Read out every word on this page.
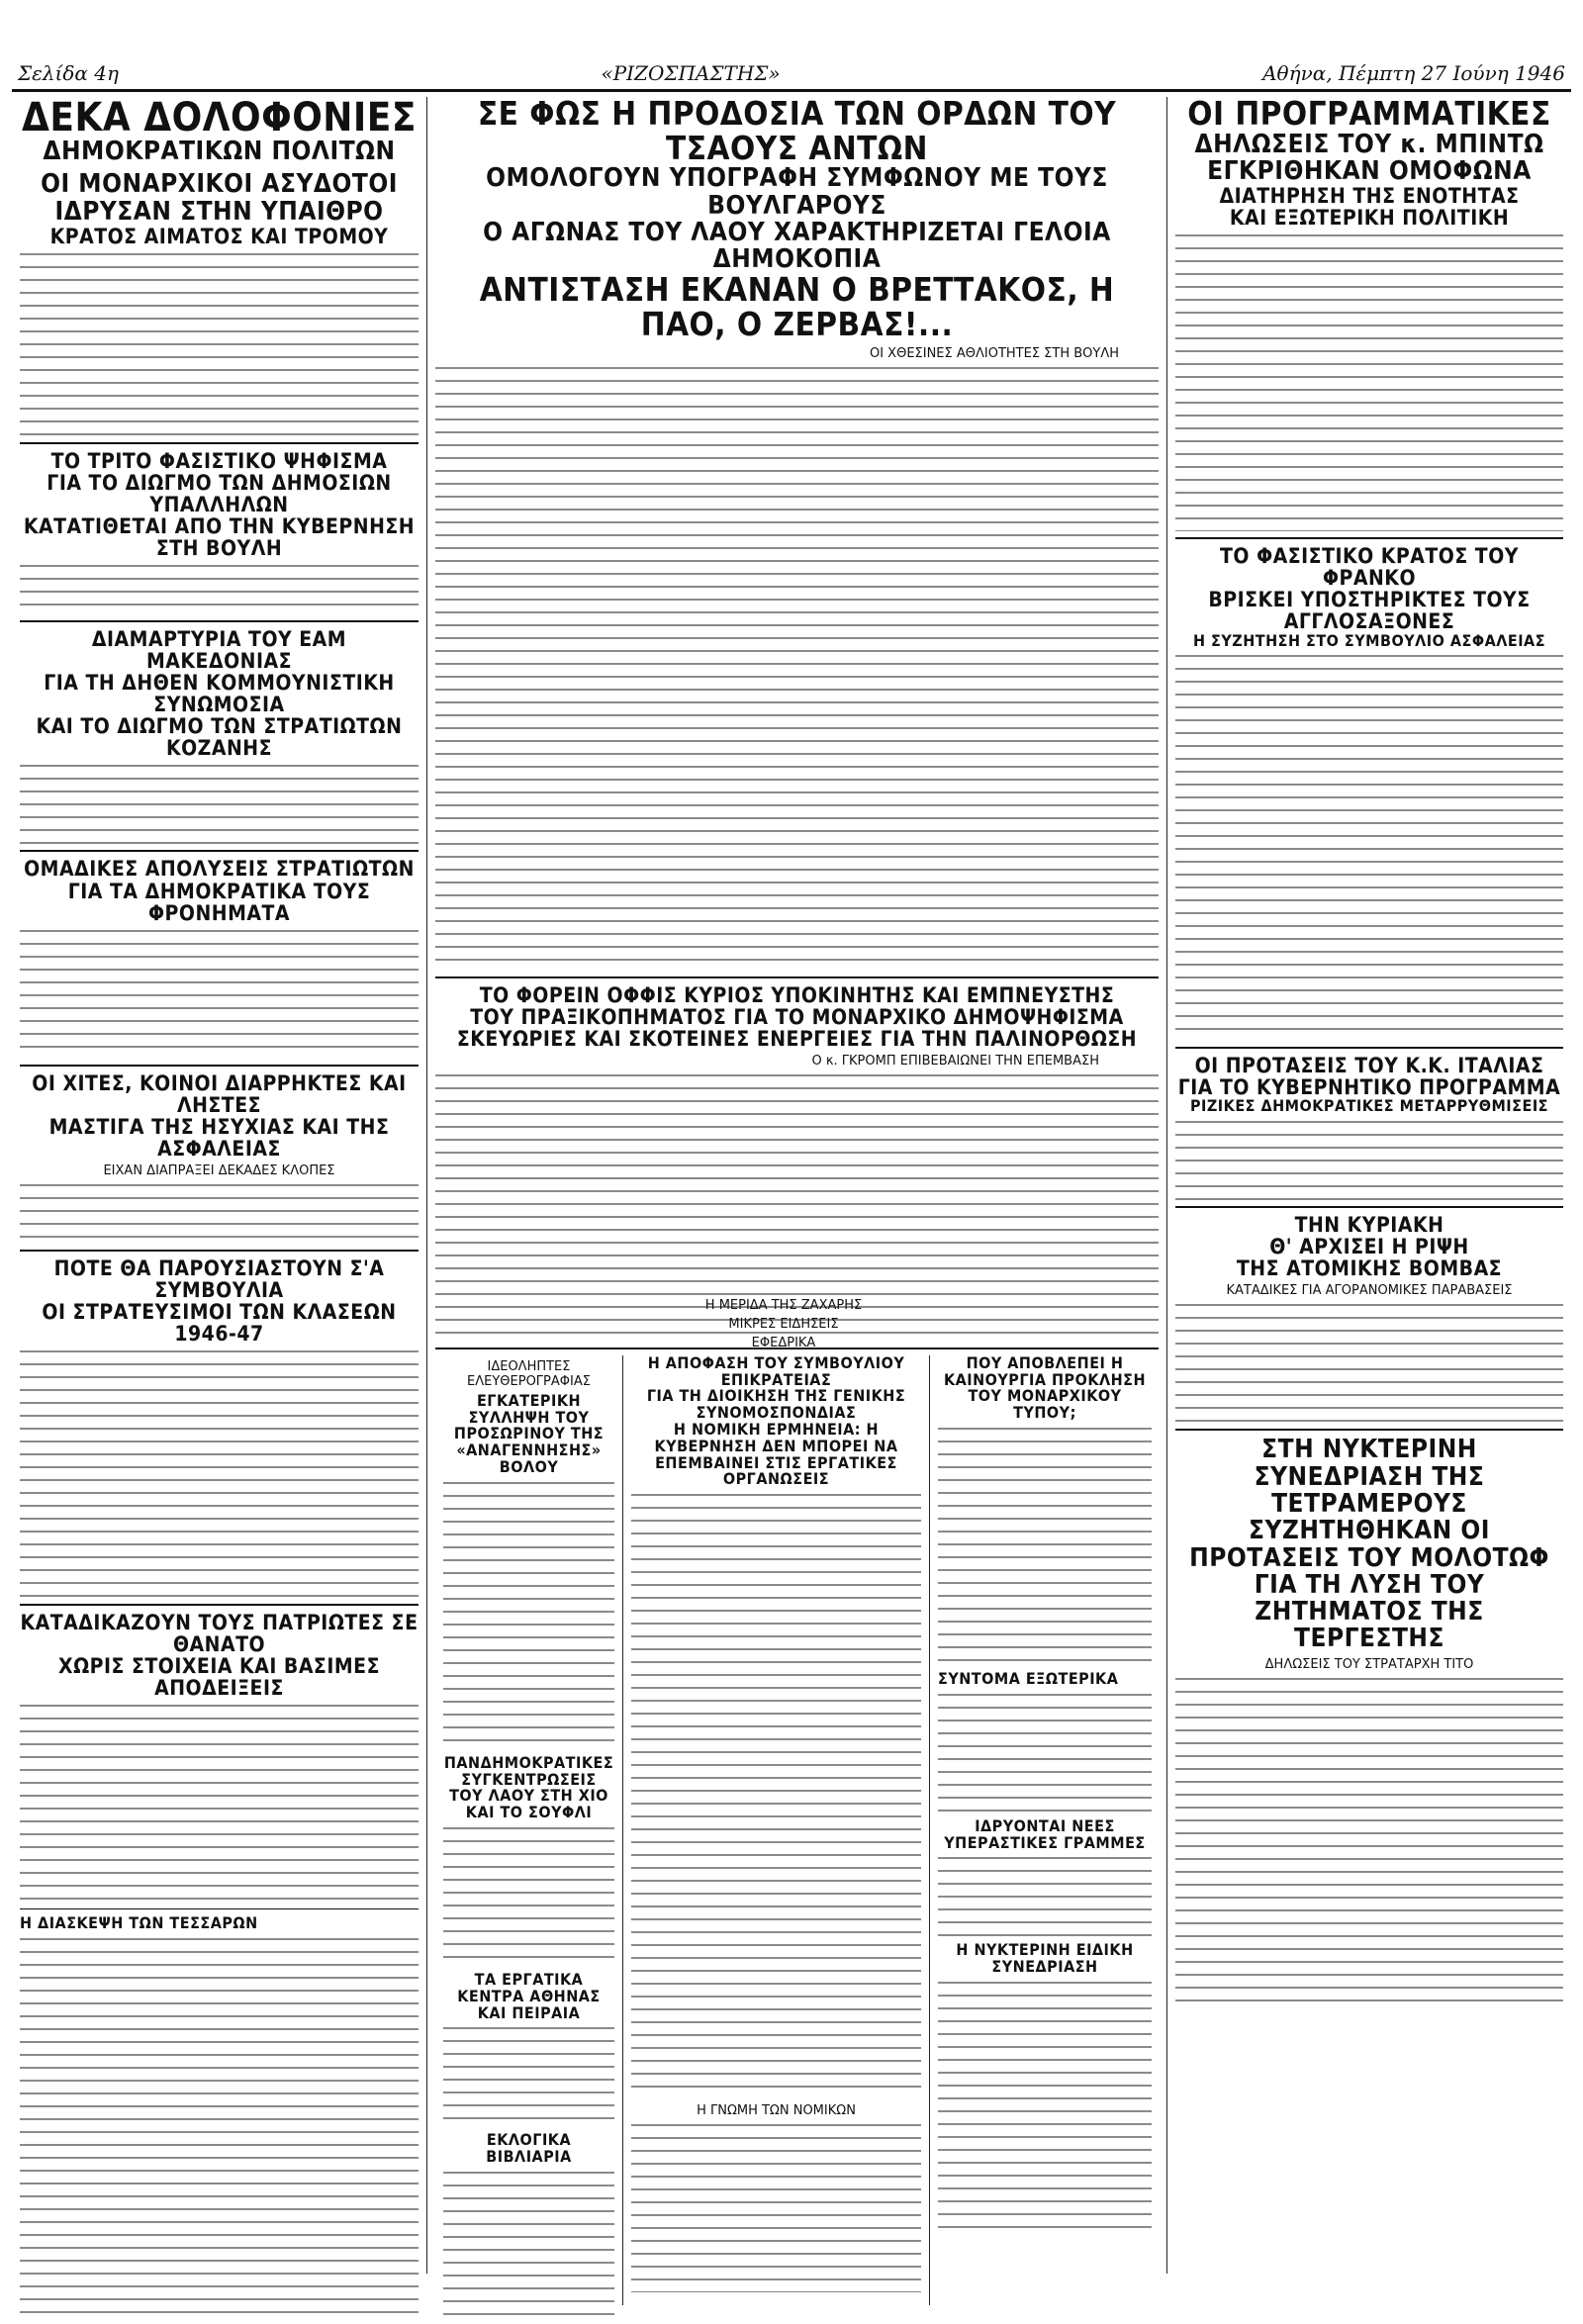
Σελίδα 4η	«ΡΙΖΟΣΠΑΣΤΗΣ»	Αθήνα, Πέμπτη 27 Ιούνη 1946

ΔΕΚΑ ΔΟΛΟΦΟΝΙΕΣ

ΔΗΜΟΚΡΑΤΙΚΩΝ ΠΟΛΙΤΩΝ

ΟΙ ΜΟΝΑΡΧΙΚΟΙ ΑΣΥΔΟΤΟΙ

ΙΔΡΥΣΑΝ ΣΤΗΝ ΥΠΑΙΘΡΟ

ΚΡΑΤΟΣ ΑΙΜΑΤΟΣ ΚΑΙ ΤΡΟΜΟΥ

ΤΟ ΤΡΙΤΟ ΦΑΣΙΣΤΙΚΟ ΨΗΦΙΣΜΑ

ΓΙΑ ΤΟ ΔΙΩΓΜΟ ΤΩΝ ΔΗΜΟΣΙΩΝ ΥΠΑΛΛΗΛΩΝ

ΚΑΤΑΤΙΘΕΤΑΙ ΑΠΟ ΤΗΝ ΚΥΒΕΡΝΗΣΗ ΣΤΗ ΒΟΥΛΗ

ΔΙΑΜΑΡΤΥΡΙΑ ΤΟΥ ΕΑΜ ΜΑΚΕΔΟΝΙΑΣ

ΓΙΑ ΤΗ ΔΗΘΕΝ ΚΟΜΜΟΥΝΙΣΤΙΚΗ ΣΥΝΩΜΟΣΙΑ

ΚΑΙ ΤΟ ΔΙΩΓΜΟ ΤΩΝ ΣΤΡΑΤΙΩΤΩΝ ΚΟΖΑΝΗΣ

ΟΜΑΔΙΚΕΣ ΑΠΟΛΥΣΕΙΣ ΣΤΡΑΤΙΩΤΩΝ

ΓΙΑ ΤΑ ΔΗΜΟΚΡΑΤΙΚΑ ΤΟΥΣ ΦΡΟΝΗΜΑΤΑ

ΟΙ ΧΙΤΕΣ, ΚΟΙΝΟΙ ΔΙΑΡΡΗΚΤΕΣ ΚΑΙ ΛΗΣΤΕΣ

ΜΑΣΤΙΓΑ ΤΗΣ ΗΣΥΧΙΑΣ ΚΑΙ ΤΗΣ ΑΣΦΑΛΕΙΑΣ

ΕΙΧΑΝ ΔΙΑΠΡΑΞΕΙ ΔΕΚΑΔΕΣ ΚΛΟΠΕΣ

ΠΟΤΕ ΘΑ ΠΑΡΟΥΣΙΑΣΤΟΥΝ Σ'Α ΣΥΜΒΟΥΛΙΑ

ΟΙ ΣΤΡΑΤΕΥΣΙΜΟΙ ΤΩΝ ΚΛΑΣΕΩΝ 1946-47

ΚΑΤΑΔΙΚΑΖΟΥΝ ΤΟΥΣ ΠΑΤΡΙΩΤΕΣ ΣΕ ΘΑΝΑΤΟ

ΧΩΡΙΣ ΣΤΟΙΧΕΙΑ ΚΑΙ ΒΑΣΙΜΕΣ ΑΠΟΔΕΙΞΕΙΣ

Η ΔΙΑΣΚΕΨΗ ΤΩΝ ΤΕΣΣΑΡΩΝ

ΣΕ ΦΩΣ Η ΠΡΟΔΟΣΙΑ ΤΩΝ ΟΡΔΩΝ ΤΟΥ ΤΣΑΟΥΣ ΑΝΤΩΝ

ΟΜΟΛΟΓΟΥΝ ΥΠΟΓΡΑΦΗ ΣΥΜΦΩΝΟΥ ΜΕ ΤΟΥΣ ΒΟΥΛΓΑΡΟΥΣ

Ο ΑΓΩΝΑΣ ΤΟΥ ΛΑΟΥ ΧΑΡΑΚΤΗΡΙΖΕΤΑΙ ΓΕΛΟΙΑ ΔΗΜΟΚΟΠΙΑ

ΑΝΤΙΣΤΑΣΗ ΕΚΑΝΑΝ Ο ΒΡΕΤΤΑΚΟΣ, Η ΠΑΟ, Ο ΖΕΡΒΑΣ!...

ΟΙ ΧΘΕΣΙΝΕΣ ΑΘΛΙΟΤΗΤΕΣ ΣΤΗ ΒΟΥΛΗ

ΤΟ ΦΟΡΕΙΝ ΟΦΦΙΣ ΚΥΡΙΟΣ ΥΠΟΚΙΝΗΤΗΣ ΚΑΙ ΕΜΠΝΕΥΣΤΗΣ

ΤΟΥ ΠΡΑΞΙΚΟΠΗΜΑΤΟΣ ΓΙΑ ΤΟ ΜΟΝΑΡΧΙΚΟ ΔΗΜΟΨΗΦΙΣΜΑ

ΣΚΕΥΩΡΙΕΣ ΚΑΙ ΣΚΟΤΕΙΝΕΣ ΕΝΕΡΓΕΙΕΣ ΓΙΑ ΤΗΝ ΠΑΛΙΝΟΡΘΩΣΗ

Ο κ. ΓΚΡΟΜΠ ΕΠΙΒΕΒΑΙΩΝΕΙ ΤΗΝ ΕΠΕΜΒΑΣΗ

ΙΔΕΟΛΗΠΤΕΣ ΕΛΕΥΘΕΡΟΓΡΑΦΙΑΣ

ΕΓΚΑΤΕΡΙΚΗ

ΣΥΛΛΗΨΗ ΤΟΥ ΠΡΟΣΩΡΙΝΟΥ ΤΗΣ «ΑΝΑΓΕΝΝΗΣΗΣ» ΒΟΛΟΥ

ΠΑΝΔΗΜΟΚΡΑΤΙΚΕΣ ΣΥΓΚΕΝΤΡΩΣΕΙΣ ΤΟΥ ΛΑΟΥ ΣΤΗ ΧΙΟ ΚΑΙ ΤΟ ΣΟΥΦΛΙ

ΤΑ ΕΡΓΑΤΙΚΑ ΚΕΝΤΡΑ ΑΘΗΝΑΣ ΚΑΙ ΠΕΙΡΑΙΑ

ΕΚΛΟΓΙΚΑ ΒΙΒΛΙΑΡΙΑ

Η ΑΠΟΦΑΣΗ ΤΟΥ ΣΥΜΒΟΥΛΙΟΥ ΕΠΙΚΡΑΤΕΙΑΣ

ΓΙΑ ΤΗ ΔΙΟΙΚΗΣΗ ΤΗΣ ΓΕΝΙΚΗΣ ΣΥΝΟΜΟΣΠΟΝΔΙΑΣ

Η ΝΟΜΙΚΗ ΕΡΜΗΝΕΙΑ: Η ΚΥΒΕΡΝΗΣΗ ΔΕΝ ΜΠΟΡΕΙ ΝΑ ΕΠΕΜΒΑΙΝΕΙ ΣΤΙΣ ΕΡΓΑΤΙΚΕΣ ΟΡΓΑΝΩΣΕΙΣ

Η ΓΝΩΜΗ ΤΩΝ ΝΟΜΙΚΩΝ

ΠΟΥ ΑΠΟΒΛΕΠΕΙ Η ΚΑΙΝΟΥΡΓΙΑ ΠΡΟΚΛΗΣΗ ΤΟΥ ΜΟΝΑΡΧΙΚΟΥ ΤΥΠΟΥ;

ΣΥΝΤΟΜΑ ΕΞΩΤΕΡΙΚΑ

ΙΔΡΥΟΝΤΑΙ ΝΕΕΣ ΥΠΕΡΑΣΤΙΚΕΣ ΓΡΑΜΜΕΣ

Η ΝΥΚΤΕΡΙΝΗ ΕΙΔΙΚΗ ΣΥΝΕΔΡΙΑΣΗ

Η ΜΕΡΙΔΑ ΤΗΣ ΖΑΧΑΡΗΣ

ΜΙΚΡΕΣ ΕΙΔΗΣΕΙΣ

ΕΦΕΔΡΙΚΑ

ΟΙ ΠΡΟΓΡΑΜΜΑΤΙΚΕΣ

ΔΗΛΩΣΕΙΣ ΤΟΥ κ. ΜΠΙΝΤΩ

ΕΓΚΡΙΘΗΚΑΝ ΟΜΟΦΩΝΑ

ΔΙΑΤΗΡΗΣΗ ΤΗΣ ΕΝΟΤΗΤΑΣ

ΚΑΙ ΕΞΩΤΕΡΙΚΗ ΠΟΛΙΤΙΚΗ

ΤΟ ΦΑΣΙΣΤΙΚΟ ΚΡΑΤΟΣ ΤΟΥ ΦΡΑΝΚΟ

ΒΡΙΣΚΕΙ ΥΠΟΣΤΗΡΙΚΤΕΣ ΤΟΥΣ ΑΓΓΛΟΣΑΞΟΝΕΣ

Η ΣΥΖΗΤΗΣΗ ΣΤΟ ΣΥΜΒΟΥΛΙΟ ΑΣΦΑΛΕΙΑΣ

ΟΙ ΠΡΟΤΑΣΕΙΣ ΤΟΥ Κ.Κ. ΙΤΑΛΙΑΣ

ΓΙΑ ΤΟ ΚΥΒΕΡΝΗΤΙΚΟ ΠΡΟΓΡΑΜΜΑ

ΡΙΖΙΚΕΣ ΔΗΜΟΚΡΑΤΙΚΕΣ ΜΕΤΑΡΡΥΘΜΙΣΕΙΣ

ΤΗΝ ΚΥΡΙΑΚΗ

Θ' ΑΡΧΙΣΕΙ Η ΡΙΨΗ

ΤΗΣ ΑΤΟΜΙΚΗΣ ΒΟΜΒΑΣ

ΚΑΤΑΔΙΚΕΣ ΓΙΑ ΑΓΟΡΑΝΟΜΙΚΕΣ ΠΑΡΑΒΑΣΕΙΣ

ΣΤΗ ΝΥΚΤΕΡΙΝΗ ΣΥΝΕΔΡΙΑΣΗ ΤΗΣ ΤΕΤΡΑΜΕΡΟΥΣ

ΣΥΖΗΤΗΘΗΚΑΝ ΟΙ ΠΡΟΤΑΣΕΙΣ ΤΟΥ ΜΟΛΟΤΩΦ

ΓΙΑ ΤΗ ΛΥΣΗ ΤΟΥ ΖΗΤΗΜΑΤΟΣ ΤΗΣ ΤΕΡΓΕΣΤΗΣ

ΔΗΛΩΣΕΙΣ ΤΟΥ ΣΤΡΑΤΑΡΧΗ ΤΙΤΟ
